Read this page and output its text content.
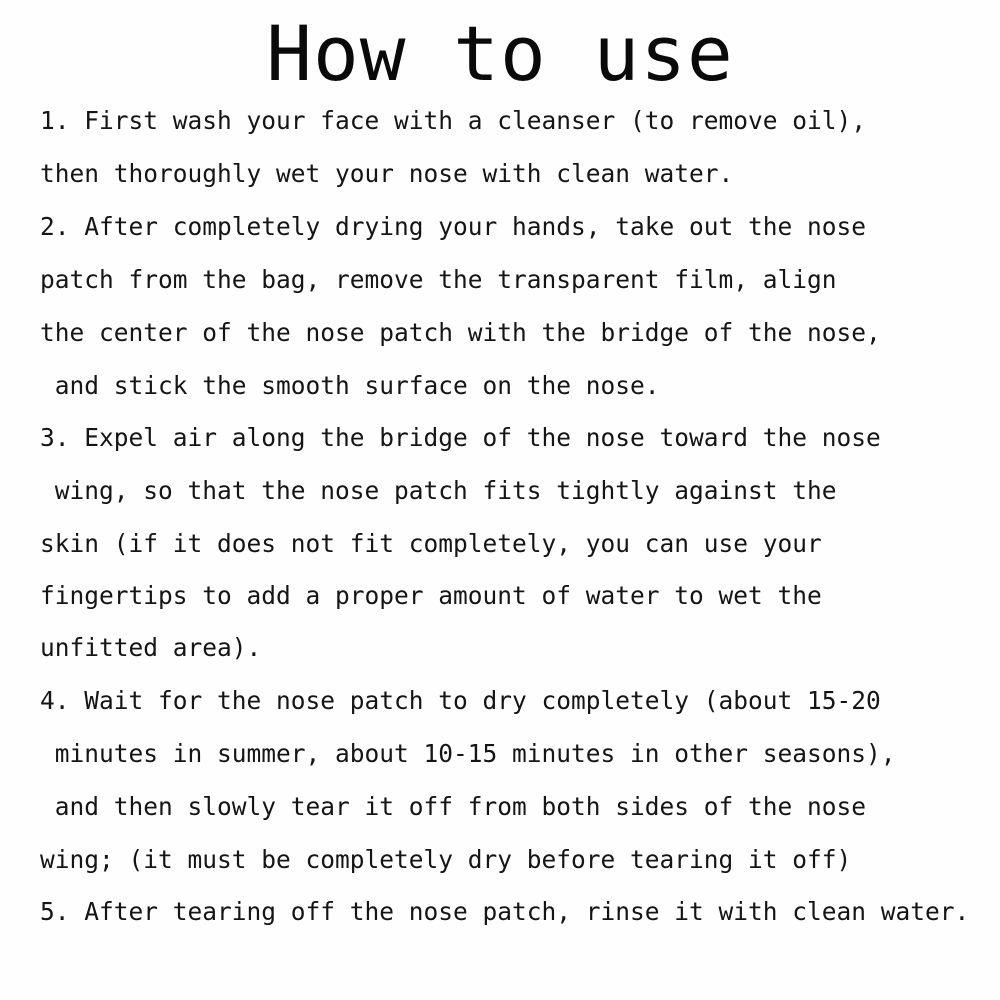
How to use

1. First wash your face with a cleanser (to remove oil),

then thoroughly wet your nose with clean water.

2. After completely drying your hands, take out the nose

patch from the bag, remove the transparent film, align

the center of the nose patch with the bridge of the nose,

and stick the smooth surface on the nose.

3. Expel air along the bridge of the nose toward the nose

wing, so that the nose patch fits tightly against the

skin (if it does not fit completely, you can use your

fingertips to add a proper amount of water to wet the

unfitted area).

4. Wait for the nose patch to dry completely (about 15-20

minutes in summer, about 10-15 minutes in other seasons),

and then slowly tear it off from both sides of the nose

wing; (it must be completely dry before tearing it off)

5. After tearing off the nose patch, rinse it with clean water.
